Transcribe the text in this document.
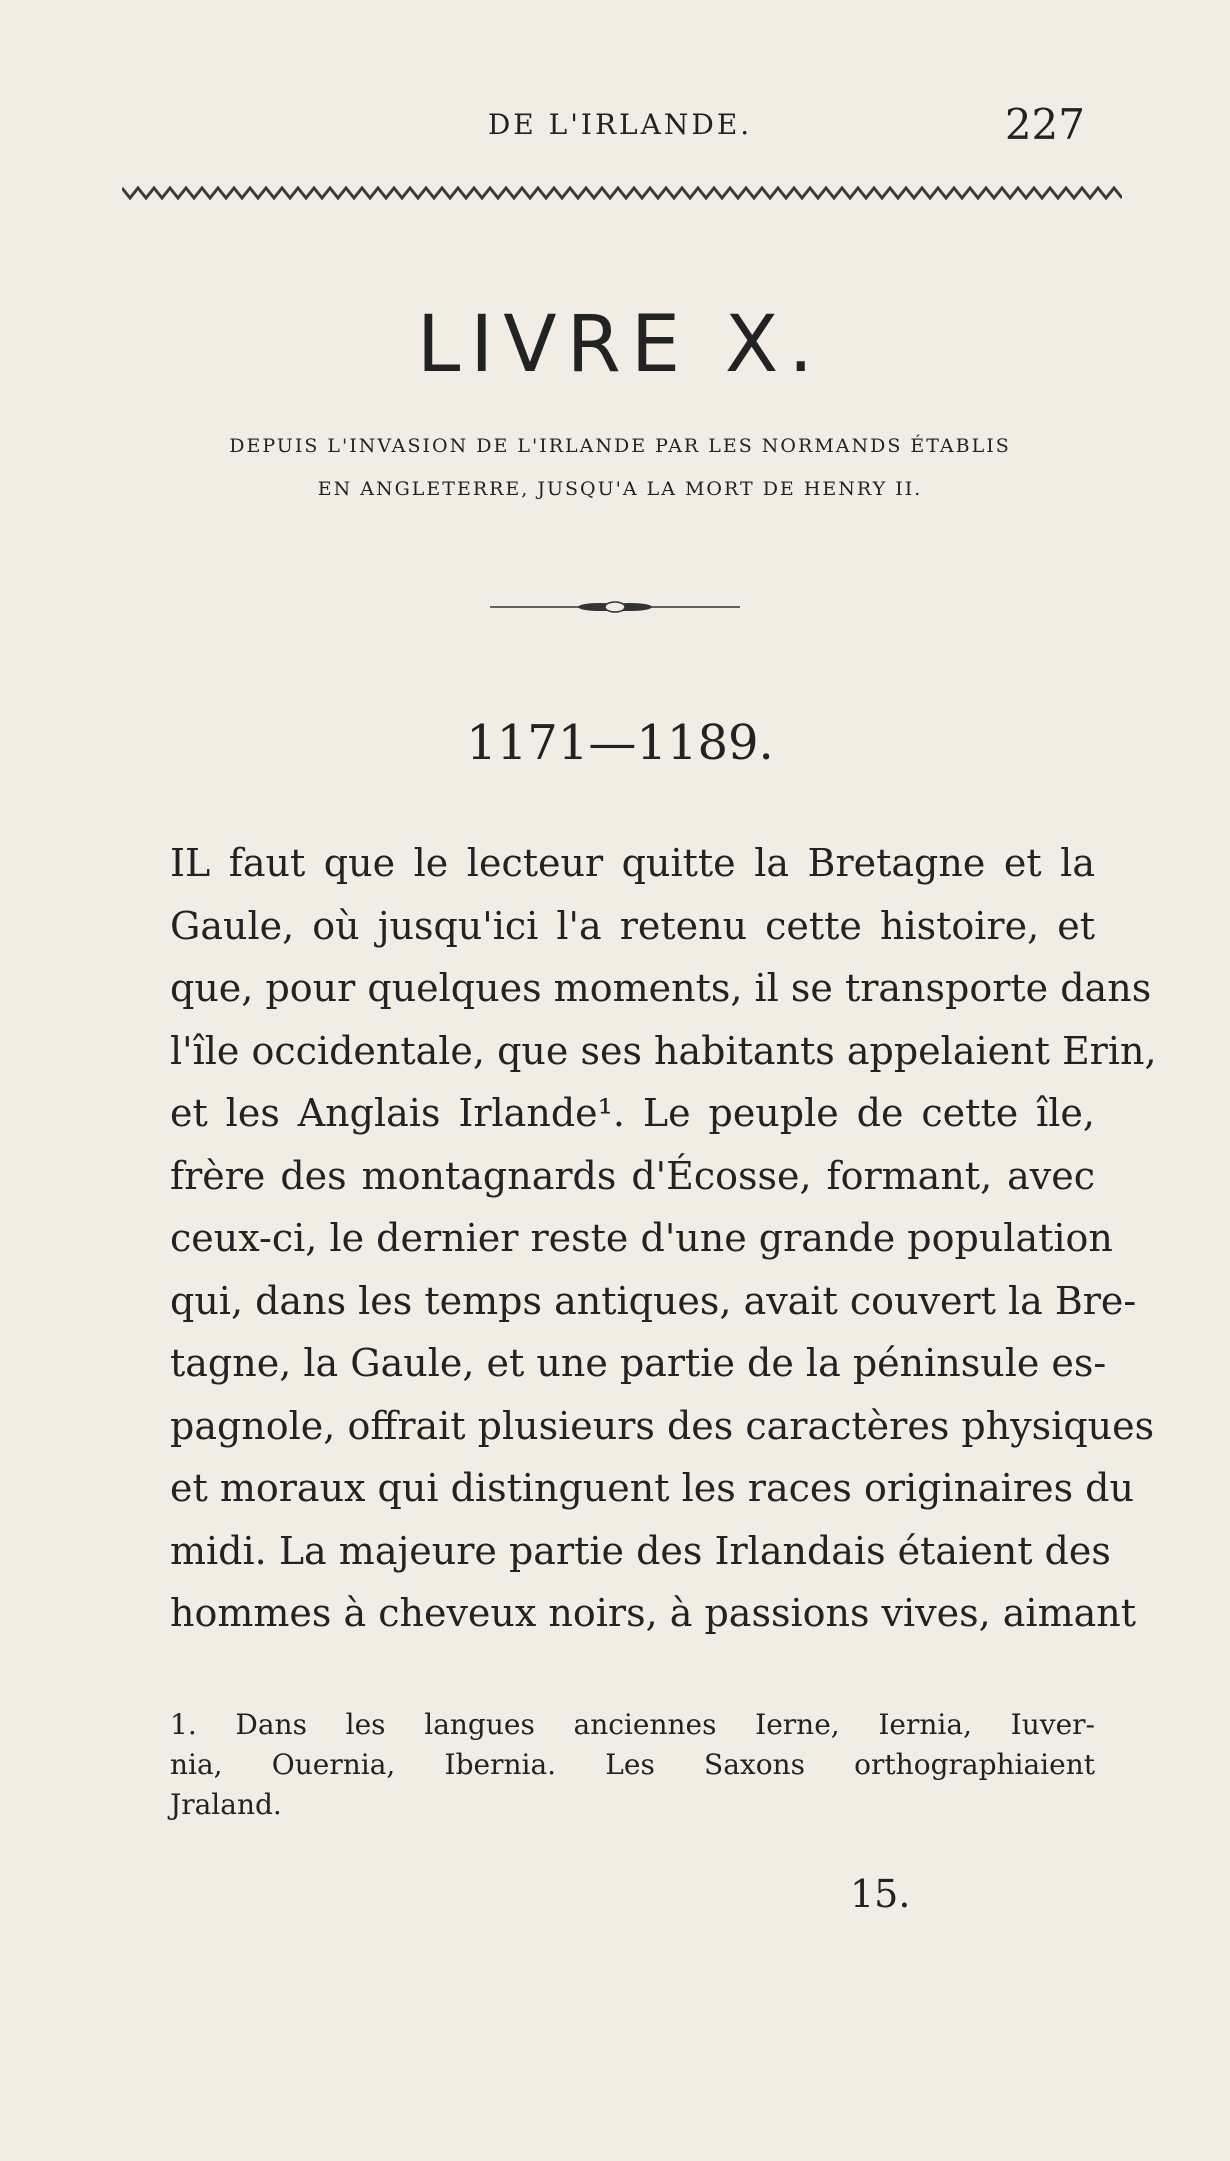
DE L'IRLANDE.	227
LIVRE X.
DEPUIS L'INVASION DE L'IRLANDE PAR LES NORMANDS ÉTABLIS
EN ANGLETERRE, JUSQU'A LA MORT DE HENRY II.
1171—1189.
IL faut que le lecteur quitte la Bretagne et la
Gaule, où jusqu'ici l'a retenu cette histoire, et
que, pour quelques moments, il se transporte dans
l'île occidentale, que ses habitants appelaient Erin,
et les Anglais Irlande¹. Le peuple de cette île,
frère des montagnards d'Écosse, formant, avec
ceux-ci, le dernier reste d'une grande population
qui, dans les temps antiques, avait couvert la Bre-
tagne, la Gaule, et une partie de la péninsule es-
pagnole, offrait plusieurs des caractères physiques
et moraux qui distinguent les races originaires du
midi. La majeure partie des Irlandais étaient des
hommes à cheveux noirs, à passions vives, aimant
1. Dans les langues anciennes Ierne, Iernia, Iuver-
nia, Ouernia, Ibernia. Les Saxons orthographiaient
Jraland.
15.
